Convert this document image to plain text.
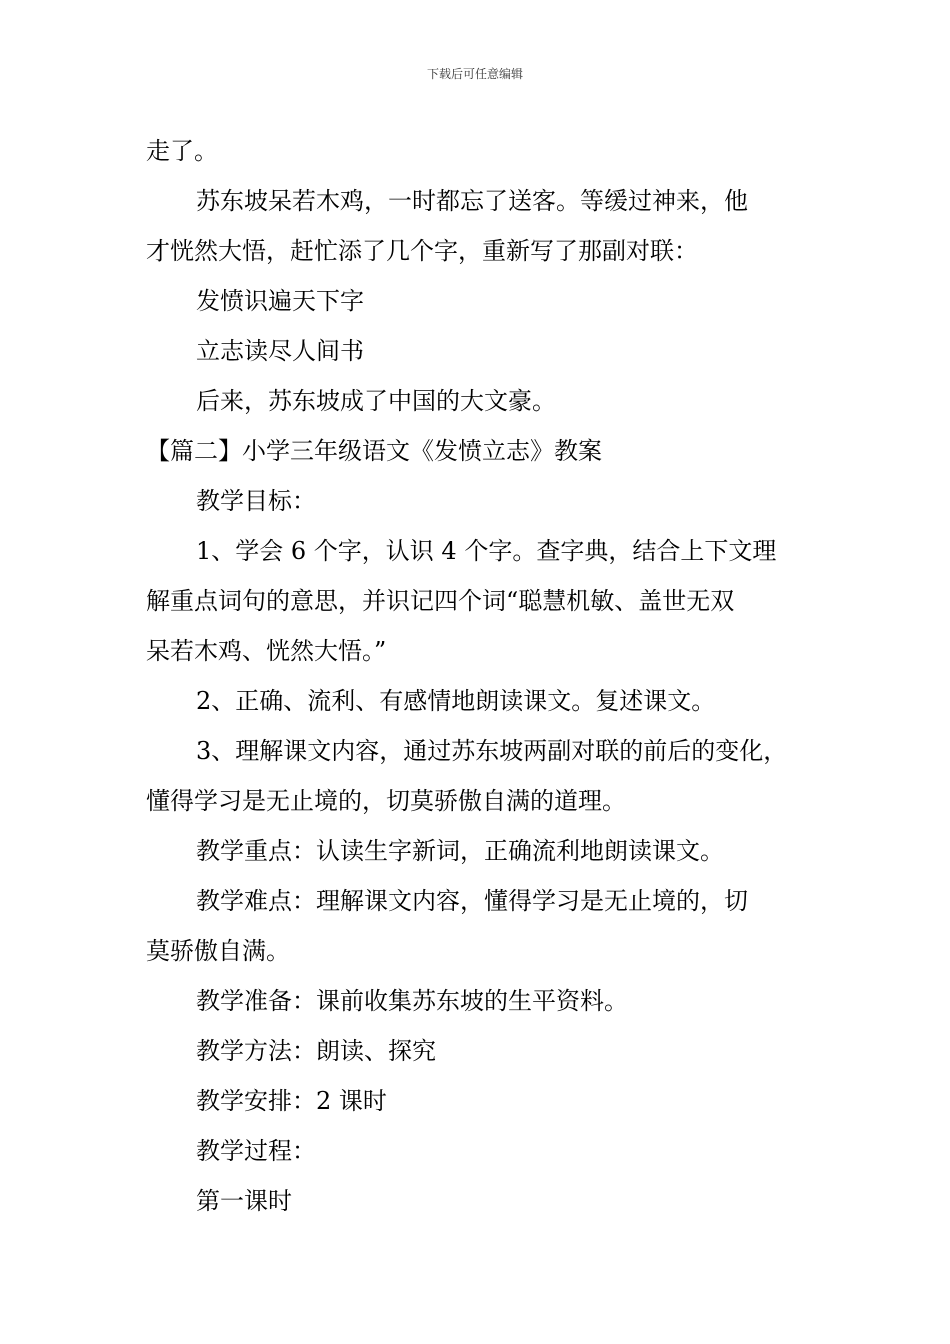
下载后可任意编辑

走了。

苏东坡呆若木鸡，一时都忘了送客。等缓过神来，他

才恍然大悟，赶忙添了几个字，重新写了那副对联：

发愤识遍天下字

立志读尽人间书

后来，苏东坡成了中国的大文豪。

【篇二】小学三年级语文《发愤立志》教案

教学目标：

1、学会 6 个字，认识 4 个字。查字典，结合上下文理

解重点词句的意思，并识记四个词“聪慧机敏、盖世无双

呆若木鸡、恍然大悟。”

2、正确、流利、有感情地朗读课文。复述课文。

3、理解课文内容，通过苏东坡两副对联的前后的变化，

懂得学习是无止境的，切莫骄傲自满的道理。

教学重点：认读生字新词，正确流利地朗读课文。

教学难点：理解课文内容，懂得学习是无止境的，切

莫骄傲自满。

教学准备：课前收集苏东坡的生平资料。

教学方法：朗读、探究

教学安排：2 课时

教学过程：

第一课时
